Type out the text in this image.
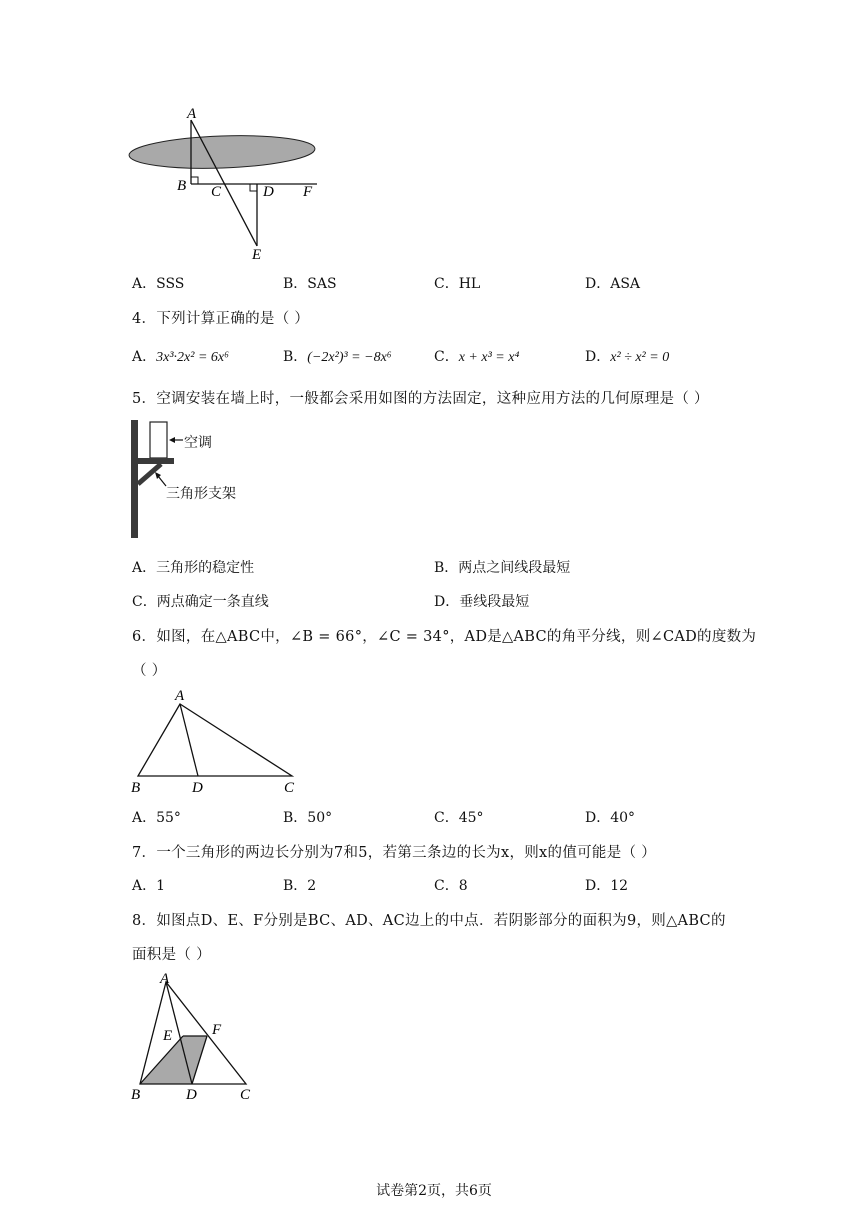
A
B C	D F
E
A．SSS	B．SAS	C．HL	D．ASA
4．下列计算正确的是（ ）
A．3x³·2x² = 6x⁶	B．(−2x²)³ = −8x⁶	C．x + x³ = x⁴	D．x² ÷ x² = 0
5．空调安装在墙上时，一般都会采用如图的方法固定，这种应用方法的几何原理是（ ）
空调
三角形支架
A．三角形的稳定性	B．两点之间线段最短
C．两点确定一条直线	D．垂线段最短
6．如图，在△ABC中，∠B = 66°，∠C = 34°，AD是△ABC的角平分线，则∠CAD的度数为
（ ）
A
B	D	C
A．55°	B．50°	C．45°	D．40°
7．一个三角形的两边长分别为7和5，若第三条边的长为x，则x的值可能是（ ）
A．1	B．2	C．8	D．12
8．如图点D、E、F分别是BC、AD、AC边上的中点．若阴影部分的面积为9，则△ABC的
面积是（ ）
A
E	F
B	D	C
试卷第2页，共6页
